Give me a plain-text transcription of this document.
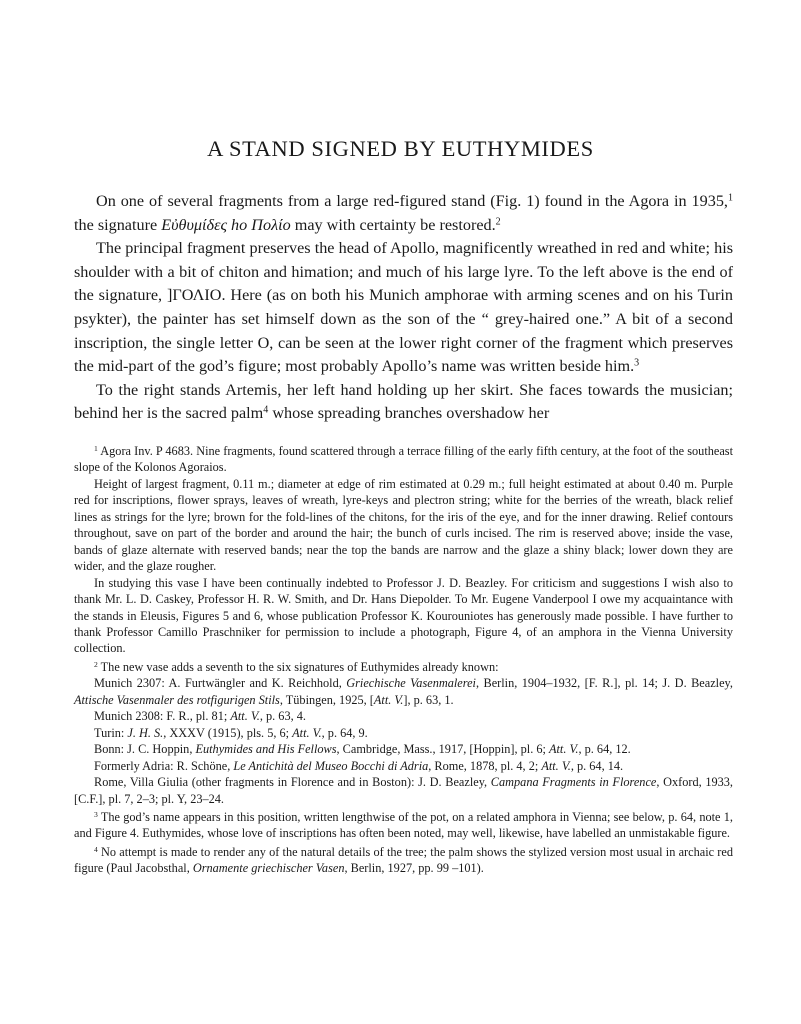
A STAND SIGNED BY EUTHYMIDES

On one of several fragments from a large red-figured stand (Fig. 1) found in the Agora in 1935,$^1$ the signature Εὐθυμίδες ho Πολίο may with certainty be restored.$^2$

The principal fragment preserves the head of Apollo, magnificently wreathed in red and white; his shoulder with a bit of chiton and himation; and much of his large lyre. To the left above is the end of the signature, ]ΓΟΛΙΟ. Here (as on both his Munich amphorae with arming scenes and on his Turin psykter), the painter has set himself down as the son of the “ grey-haired one.” A bit of a second inscription, the single letter O, can be seen at the lower right corner of the fragment which preserves the mid-part of the god’s figure; most probably Apollo’s name was written beside him.$^3$

To the right stands Artemis, her left hand holding up her skirt. She faces towards the musician; behind her is the sacred palm$^4$ whose spreading branches overshadow her

$^1$ Agora Inv. P 4683. Nine fragments, found scattered through a terrace filling of the early fifth century, at the foot of the southeast slope of the Kolonos Agoraios.

Height of largest fragment, 0.11 m.; diameter at edge of rim estimated at 0.29 m.; full height estimated at about 0.40 m. Purple red for inscriptions, flower sprays, leaves of wreath, lyre-keys and plectron string; white for the berries of the wreath, black relief lines as strings for the lyre; brown for the fold-lines of the chitons, for the iris of the eye, and for the inner drawing. Relief contours throughout, save on part of the border and around the hair; the bunch of curls incised. The rim is reserved above; inside the vase, bands of glaze alternate with reserved bands; near the top the bands are narrow and the glaze a shiny black; lower down they are wider, and the glaze rougher.

In studying this vase I have been continually indebted to Professor J. D. Beazley. For criticism and suggestions I wish also to thank Mr. L. D. Caskey, Professor H. R. W. Smith, and Dr. Hans Diepolder. To Mr. Eugene Vanderpool I owe my acquaintance with the stands in Eleusis, Figures 5 and 6, whose publication Professor K. Kourouniotes has generously made possible. I have further to thank Professor Camillo Praschniker for permission to include a photograph, Figure 4, of an amphora in the Vienna University collection.

$^2$ The new vase adds a seventh to the six signatures of Euthymides already known:

Munich 2307: A. Furtwängler and K. Reichhold, Griechische Vasenmalerei, Berlin, 1904–1932, [F. R.], pl. 14; J. D. Beazley, Attische Vasenmaler des rotfigurigen Stils, Tübingen, 1925, [Att. V.], p. 63, 1.

Munich 2308: F. R., pl. 81; Att. V., p. 63, 4.

Turin: J. H. S., XXXV (1915), pls. 5, 6; Att. V., p. 64, 9.

Bonn: J. C. Hoppin, Euthymides and His Fellows, Cambridge, Mass., 1917, [Hoppin], pl. 6; Att. V., p. 64, 12.

Formerly Adria: R. Schöne, Le Antichità del Museo Bocchi di Adria, Rome, 1878, pl. 4, 2; Att. V., p. 64, 14.

Rome, Villa Giulia (other fragments in Florence and in Boston): J. D. Beazley, Campana Fragments in Florence, Oxford, 1933, [C.F.], pl. 7, 2–3; pl. Y, 23–24.

$^3$ The god’s name appears in this position, written lengthwise of the pot, on a related amphora in Vienna; see below, p. 64, note 1, and Figure 4. Euthymides, whose love of inscriptions has often been noted, may well, likewise, have labelled an unmistakable figure.

$^4$ No attempt is made to render any of the natural details of the tree; the palm shows the stylized version most usual in archaic red figure (Paul Jacobsthal, Ornamente griechischer Vasen, Berlin, 1927, pp. 99 –101).
